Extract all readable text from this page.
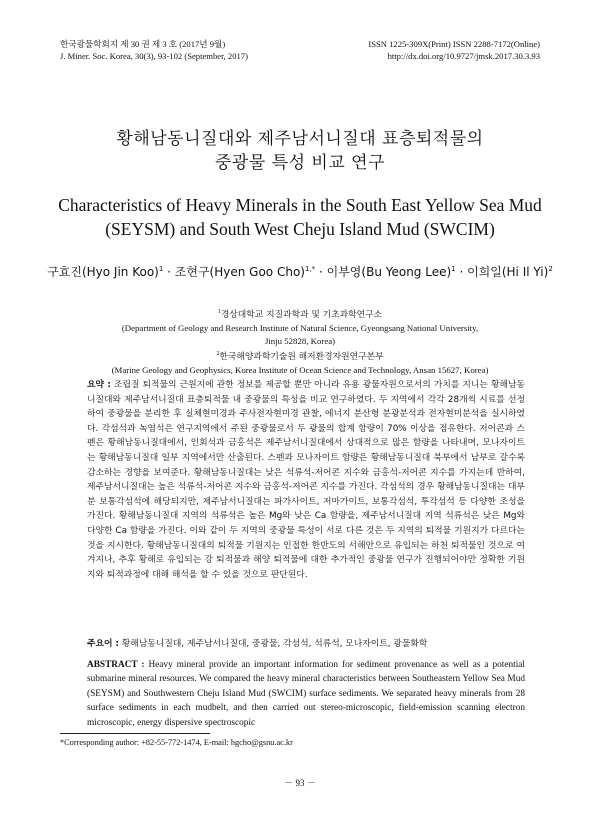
한국광물학회지 제 30 권 제 3 호 (2017년 9월)
J. Miner. Soc. Korea, 30(3), 93-102 (September, 2017)
ISSN 1225-309X(Print) ISSN 2288-7172(Online)
http://dx.doi.org/10.9727/jmsk.2017.30.3.93
황해남동니질대와 제주남서니질대 표층퇴적물의
중광물 특성 비교 연구
Characteristics of Heavy Minerals in the South East Yellow Sea Mud
(SEYSM) and South West Cheju Island Mud (SWCIM)
구효진(Hyo Jin Koo)$^1$ · 조현구(Hyen Goo Cho)$^{1,*}$ · 이부영(Bu Yeong Lee)$^1$ · 이희일(Hi Il Yi)$^2$
$^1$경상대학교 지질과학과 및 기초과학연구소
(Department of Geology and Research Institute of Natural Science, Gyeongsang National University,
Jinju 52828, Korea)
$^2$한국해양과학기술원 해저환경자원연구본부
(Marine Geology and Geophysics, Korea Institute of Ocean Science and Technology, Ansan 15627, Korea)
요약 : 조립질 퇴적물의 근원지에 관한 정보를 제공할 뿐만 아니라 유용 광물자원으로서의 가치를 지니는 황해남동니질대와 제주남서니질대 표층퇴적물 내 중광물의 특성을 비교 연구하였다. 두 지역에서 각각 28개씩 시료를 선정하여 중광물을 분리한 후 실체현미경과 주사전자현미경 관찰, 에너지 분산형 분광분석과 전자현미분석을 실시하였다. 각섬석과 녹염석은 연구지역에서 주된 중광물로서 두 광물의 합계 함량이 70% 이상을 점유한다. 저어콘과 스펜은 황해남동니질대에서, 인회석과 금홍석은 제주남서니질대에서 상대적으로 많은 함량을 나타내며, 모나자이트는 황해남동니질대 일부 지역에서만 산출된다. 스펜과 모나자이트 함량은 황해남동니질대 북부에서 남부로 갈수록 감소하는 경향을 보여준다. 황해남동니질대는 낮은 석류석-저어콘 지수와 금홍석-저어콘 지수를 가지는데 반하여, 제주남서니질대는 높은 석류석-저어콘 지수와 금홍석-저어콘 지수를 가진다. 각섬석의 경우 황해남동니질대는 대부분 보통각섬석에 해당되지만, 제주남서니질대는 파가사이트, 저마가이트, 보통각섬석, 투각섬석 등 다양한 조성을 가진다. 황해남동니질대 지역의 석류석은 높은 Mg와 낮은 Ca 함량을, 제주남서니질대 지역 석류석은 낮은 Mg와 다양한 Ca 함량을 가진다. 이와 같이 두 지역의 중광물 특성이 서로 다른 것은 두 지역의 퇴적물 기원지가 다르다는 것을 지시한다. 황해남동니질대의 퇴적물 기원지는 인접한 한반도의 서해안으로 유입되는 하천 퇴적물인 것으로 여겨지나, 추후 황해로 유입되는 강 퇴적물과 해양 퇴적물에 대한 추가적인 중광물 연구가 진행되어야만 정확한 기원지와 퇴적과정에 대해 해석을 할 수 있을 것으로 판단된다.
주요어 : 황해남동니질대, 제주남서니질대, 중광물, 각섬석, 석류석, 모나자이트, 광물화학
ABSTRACT : Heavy mineral provide an important information for sediment provenance as well as a potential submarine mineral resources. We compared the heavy mineral characteristics between Southeastern Yellow Sea Mud (SEYSM) and Southwestern Cheju Island Mud (SWCIM) surface sediments. We separated heavy minerals from 28 surface sediments in each mudbelt, and then carried out stereo-microscopic, field-emission scanning electron microscopic, energy dispersive spectroscopic
*Corresponding author: +82-55-772-1474, E-mail: hgcho@gsnu.ac.kr
－ 93 －
